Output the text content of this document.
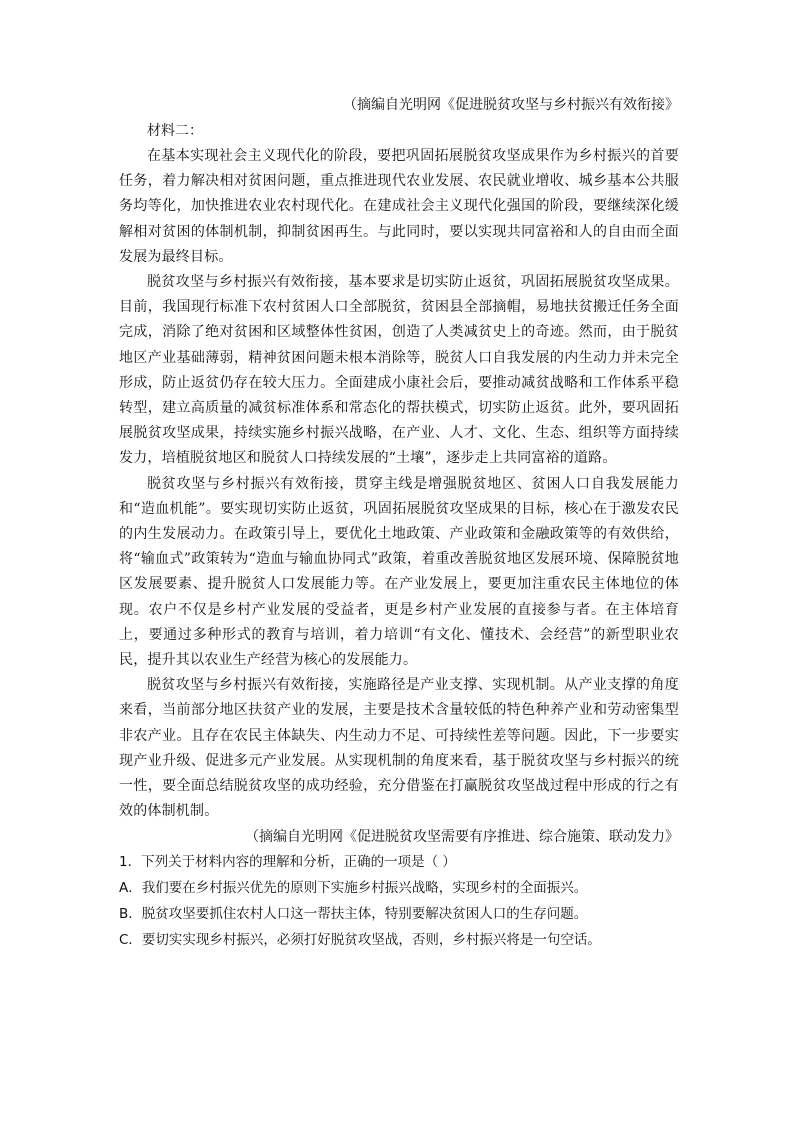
（摘编自光明网《促进脱贫攻坚与乡村振兴有效衔接》
材料二：

在基本实现社会主义现代化的阶段，要把巩固拓展脱贫攻坚成果作为乡村振兴的首要任务，着力解决相对贫困问题，重点推进现代农业发展、农民就业增收、城乡基本公共服务均等化，加快推进农业农村现代化。在建成社会主义现代化强国的阶段，要继续深化缓解相对贫困的体制机制，抑制贫困再生。与此同时，要以实现共同富裕和人的自由而全面发展为最终目标。

脱贫攻坚与乡村振兴有效衔接，基本要求是切实防止返贫，巩固拓展脱贫攻坚成果。目前，我国现行标准下农村贫困人口全部脱贫，贫困县全部摘帽，易地扶贫搬迁任务全面完成，消除了绝对贫困和区域整体性贫困，创造了人类减贫史上的奇迹。然而，由于脱贫地区产业基础薄弱，精神贫困问题未根本消除等，脱贫人口自我发展的内生动力并未完全形成，防止返贫仍存在较大压力。全面建成小康社会后，要推动减贫战略和工作体系平稳转型，建立高质量的减贫标准体系和常态化的帮扶模式，切实防止返贫。此外，要巩固拓展脱贫攻坚成果，持续实施乡村振兴战略，在产业、人才、文化、生态、组织等方面持续发力，培植脱贫地区和脱贫人口持续发展的“土壤”，逐步走上共同富裕的道路。

脱贫攻坚与乡村振兴有效衔接，贯穿主线是增强脱贫地区、贫困人口自我发展能力和“造血机能”。要实现切实防止返贫，巩固拓展脱贫攻坚成果的目标，核心在于激发农民的内生发展动力。在政策引导上，要优化土地政策、产业政策和金融政策等的有效供给，将“输血式”政策转为“造血与输血协同式”政策，着重改善脱贫地区发展环境、保障脱贫地区发展要素、提升脱贫人口发展能力等。在产业发展上，要更加注重农民主体地位的体现。农户不仅是乡村产业发展的受益者，更是乡村产业发展的直接参与者。在主体培育上，要通过多种形式的教育与培训，着力培训“有文化、懂技术、会经营”的新型职业农民，提升其以农业生产经营为核心的发展能力。

脱贫攻坚与乡村振兴有效衔接，实施路径是产业支撑、实现机制。从产业支撑的角度来看，当前部分地区扶贫产业的发展，主要是技术含量较低的特色种养产业和劳动密集型非农产业。且存在农民主体缺失、内生动力不足、可持续性差等问题。因此，下一步要实现产业升级、促进多元产业发展。从实现机制的角度来看，基于脱贫攻坚与乡村振兴的统一性，要全面总结脱贫攻坚的成功经验，充分借鉴在打赢脱贫攻坚战过程中形成的行之有效的体制机制。

（摘编自光明网《促进脱贫攻坚需要有序推进、综合施策、联动发力》
1．下列关于材料内容的理解和分析，正确的一项是（ ）
A．我们要在乡村振兴优先的原则下实施乡村振兴战略，实现乡村的全面振兴。
B．脱贫攻坚要抓住农村人口这一帮扶主体，特别要解决贫困人口的生存问题。
C．要切实实现乡村振兴，必须打好脱贫攻坚战，否则，乡村振兴将是一句空话。
